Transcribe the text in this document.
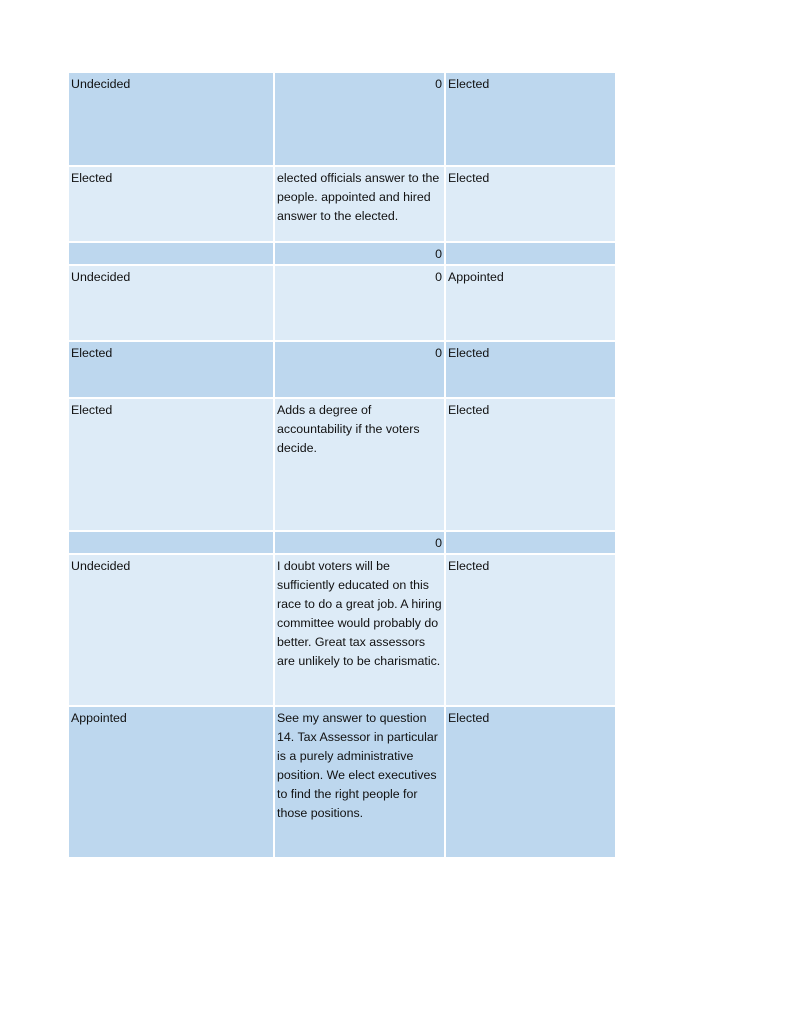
Undecided	0	Elected
Elected	elected officials answer to the people. appointed and hired answer to the elected.	Elected
	0	
Undecided	0	Appointed
Elected	0	Elected
Elected	Adds a degree of accountability if the voters decide.	Elected
	0	
Undecided	I doubt voters will be sufficiently educated on this race to do a great job. A hiring committee would probably do better. Great tax assessors are unlikely to be charismatic.	Elected
Appointed	See my answer to question 14. Tax Assessor in particular is a purely administrative position. We elect executives to find the right people for those positions.	Elected
